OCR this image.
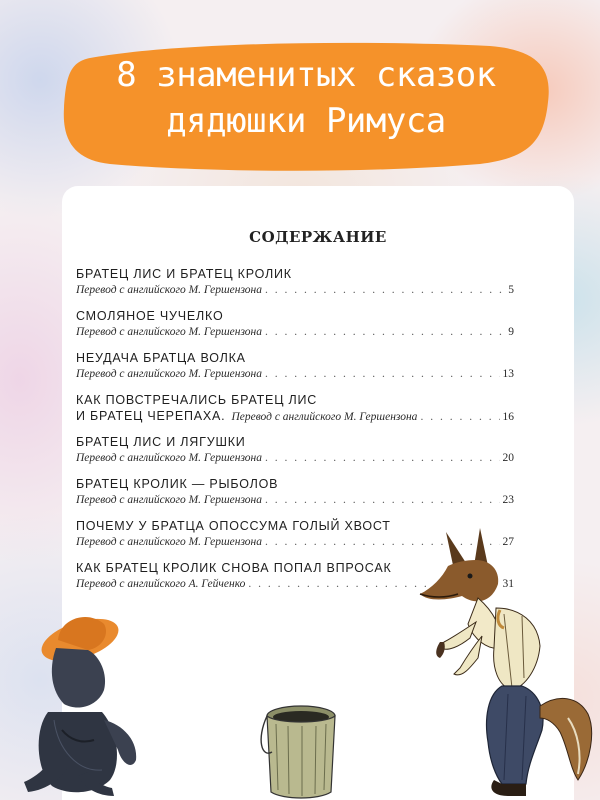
8 знаменитых сказок
дядюшки Римуса
СОДЕРЖАНИЕ
БРАТЕЦ ЛИС И БРАТЕЦ КРОЛИК
Перевод с английского М. Гершензона . . .	5
СМОЛЯНОЕ ЧУЧЕЛКО
Перевод с английского М. Гершензона . . .	9
НЕУДАЧА БРАТЦА ВОЛКА
Перевод с английского М. Гершензона . . .	13
КАК ПОВСТРЕЧАЛИСЬ БРАТЕЦ ЛИС
И БРАТЕЦ ЧЕРЕПАХА. Перевод с английского М. Гершензона . . .	16
БРАТЕЦ ЛИС И ЛЯГУШКИ
Перевод с английского М. Гершензона . . .	20
БРАТЕЦ КРОЛИК — РЫБОЛОВ
Перевод с английского М. Гершензона . . .	23
ПОЧЕМУ У БРАТЦА ОПОССУМА ГОЛЫЙ ХВОСТ
Перевод с английского М. Гершензона . . .	27
КАК БРАТЕЦ КРОЛИК СНОВА ПОПАЛ ВПРОСАК
Перевод с английского А. Гейченко . . .	31
